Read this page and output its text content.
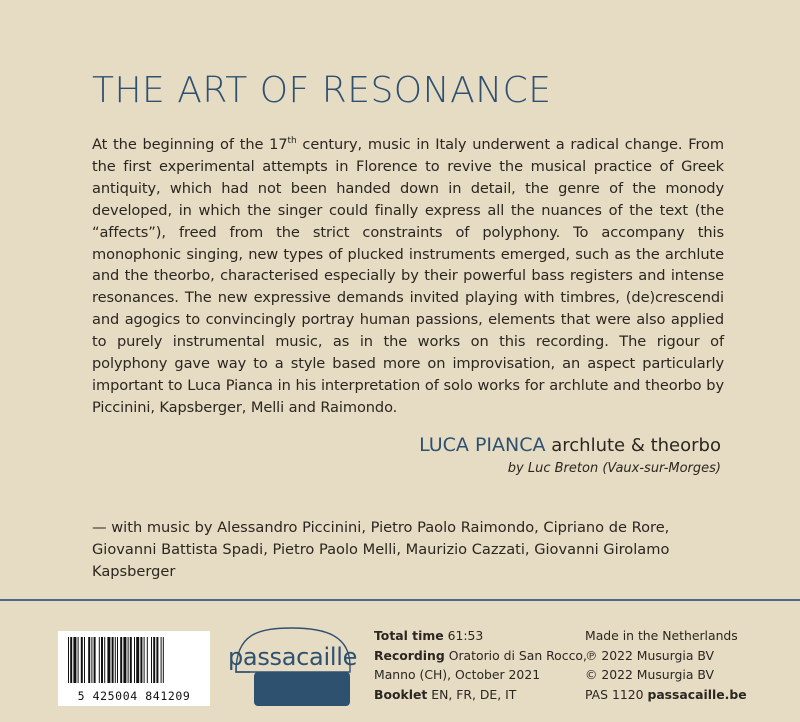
THE ART OF RESONANCE
At the beginning of the 17th century, music in Italy underwent a radical change. From the first experimental attempts in Florence to revive the musical practice of Greek antiquity, which had not been handed down in detail, the genre of the monody developed, in which the singer could finally express all the nuances of the text (the “affects”), freed from the strict constraints of polyphony. To accompany this monophonic singing, new types of plucked instruments emerged, such as the archlute and the theorbo, characterised especially by their powerful bass registers and intense resonances. The new expressive demands invited playing with timbres, (de)crescendi and agogics to convincingly portray human passions, elements that were also applied to purely instrumental music, as in the works on this recording. The rigour of polyphony gave way to a style based more on improvisation, an aspect particularly important to Luca Pianca in his interpretation of solo works for archlute and theorbo by Piccinini, Kapsberger, Melli and Raimondo.
LUCA PIANCA archlute & theorbo
by Luc Breton (Vaux-sur-Morges)
— with music by Alessandro Piccinini, Pietro Paolo Raimondo, Cipriano de Rore, Giovanni Battista Spadi, Pietro Paolo Melli, Maurizio Cazzati, Giovanni Girolamo Kapsberger
5 425004 841209
passacaille
Total time 61:53
Recording Oratorio di San Rocco,
Manno (CH), October 2021
Booklet EN, FR, DE, IT
Made in the Netherlands
℗ 2022 Musurgia BV
© 2022 Musurgia BV
PAS 1120 passacaille.be
